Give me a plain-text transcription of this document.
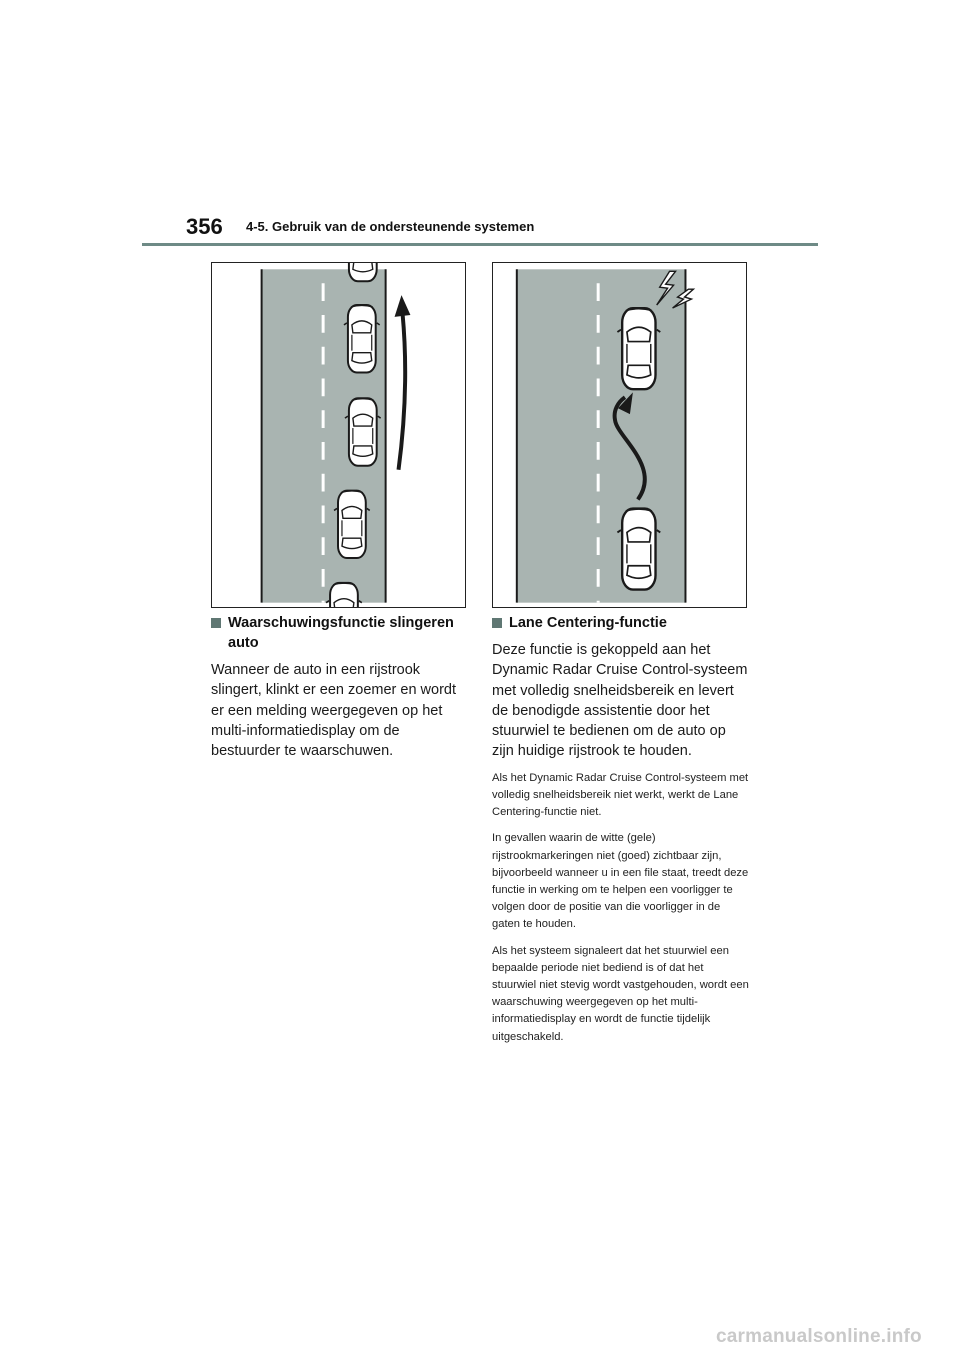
356 4-5. Gebruik van de ondersteunende systemen
Waarschuwingsfunctie slingeren auto

Wanneer de auto in een rijstrook slingert, klinkt er een zoemer en wordt er een melding weergegeven op het multi-informatiedisplay om de bestuurder te waarschuwen.

Lane Centering-functie

Deze functie is gekoppeld aan het Dynamic Radar Cruise Control-systeem met volledig snelheidsbereik en levert de benodigde assistentie door het stuurwiel te bedienen om de auto op zijn huidige rijstrook te houden.

Als het Dynamic Radar Cruise Control-systeem met volledig snelheidsbereik niet werkt, werkt de Lane Centering-functie niet.

In gevallen waarin de witte (gele) rijstrookmarkeringen niet (goed) zichtbaar zijn, bijvoorbeeld wanneer u in een file staat, treedt deze functie in werking om te helpen een voorligger te volgen door de positie van die voorligger in de gaten te houden.

Als het systeem signaleert dat het stuurwiel een bepaalde periode niet bediend is of dat het stuurwiel niet stevig wordt vastgehouden, wordt een waarschuwing weergegeven op het multi-informatiedisplay en wordt de functie tijdelijk uitgeschakeld.

carmanualsonline.info
